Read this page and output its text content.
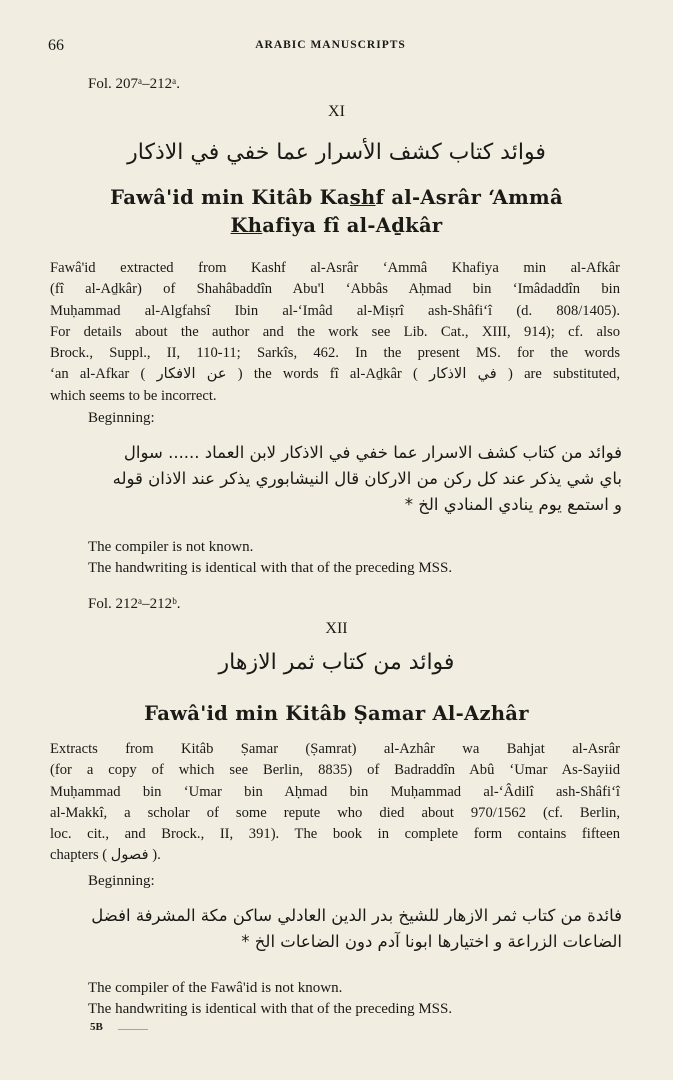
66	ARABIC MANUSCRIPTS
Fol. 207ᵃ–212ᵃ.
XI
فوائد كتاب كشف الأسرار عما خفي في الاذكار
Fawâ'id min Kitâb Kashf al-Asrâr ‘Ammâ
Khafiya fî al-Aḏkâr
Fawâ'id extracted from Kashf al-Asrâr ‘Ammâ Khafiya min al-Afkâr
(fî al-Aḏkâr) of Shahâbaddîn Abu'l ‘Abbâs Aḥmad bin ‘Imâdaddîn bin
Muḥammad al-Algfahsî Ibin al-‘Imâd al-Miṣrî ash-Shâfi‘î (d. 808/1405).
For details about the author and the work see Lib. Cat., XIII, 914); cf. also
Brock., Suppl., II, 110-11; Sarkîs, 462. In the present MS. for the words
‘an al-Afkar ( عن الافكار ) the words fî al-Aḏkâr ( في الاذكار ) are substituted,
which seems to be incorrect.
Beginning:
فوائد من كتاب كشف الاسرار عما خفي في الاذكار لابن العماد ...... سوال
باي شي يذكر عند كل ركن من الاركان قال النيشابوري يذكر عند الاذان قوله
و استمع يوم ينادي المنادي الخ *
The compiler is not known.
The handwriting is identical with that of the preceding MSS.
Fol. 212ᵃ–212ᵇ.
XII
فوائد من كتاب ثمر الازهار
Fawâ'id min Kitâb Ṣamar Al-Azhâr
Extracts from Kitâb Ṣamar (Ṣamrat) al-Azhâr wa Bahjat al-Asrâr
(for a copy of which see Berlin, 8835) of Badraddîn Abû ‘Umar As-Sayiid
Muḥammad bin ‘Umar bin Aḥmad bin Muḥammad al-‘Âdilî ash-Shâfi‘î
al-Makkî, a scholar of some repute who died about 970/1562 (cf. Berlin,
loc. cit., and Brock., II, 391). The book in complete form contains fifteen
chapters ( فصول ).
Beginning:
فائدة من كتاب ثمر الازهار للشيخ بدر الدين العادلي ساكن مكة المشرفة افضل
الضاعات الزراعة و اختيارها ابونا آدم دون الضاعات الخ *
The compiler of the Fawâ'id is not known.
The handwriting is identical with that of the preceding MSS.
5B
